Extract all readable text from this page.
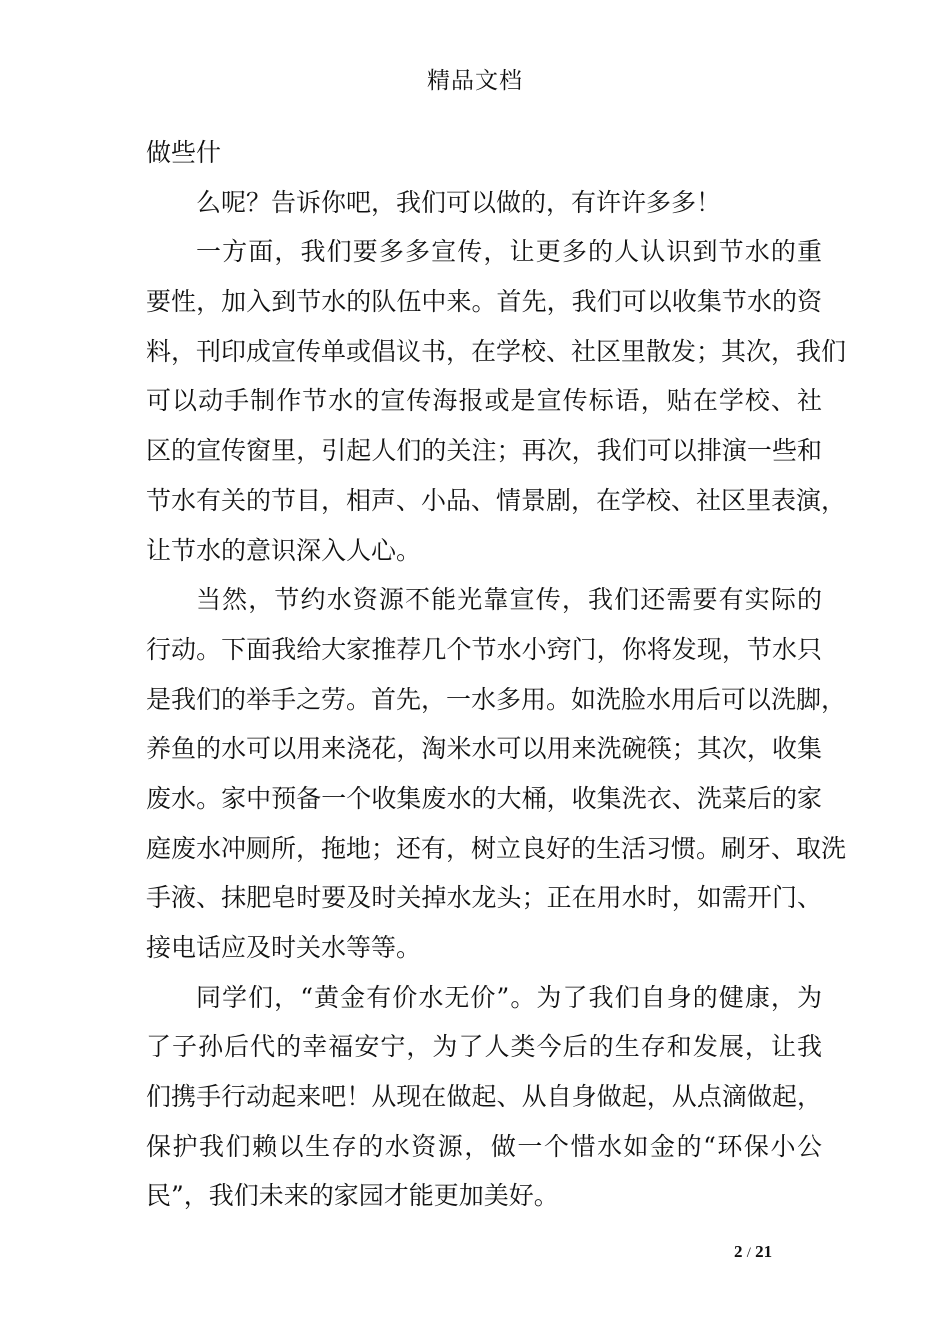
精品文档
做些什
么呢？告诉你吧，我们可以做的，有许许多多！
一方面，我们要多多宣传，让更多的人认识到节水的重
要性，加入到节水的队伍中来。首先，我们可以收集节水的资
料，刊印成宣传单或倡议书，在学校、社区里散发；其次，我们
可以动手制作节水的宣传海报或是宣传标语，贴在学校、社
区的宣传窗里，引起人们的关注；再次，我们可以排演一些和
节水有关的节目，相声、小品、情景剧，在学校、社区里表演，
让节水的意识深入人心。
当然，节约水资源不能光靠宣传，我们还需要有实际的
行动。下面我给大家推荐几个节水小窍门，你将发现，节水只
是我们的举手之劳。首先，一水多用。如洗脸水用后可以洗脚，
养鱼的水可以用来浇花，淘米水可以用来洗碗筷；其次，收集
废水。家中预备一个收集废水的大桶，收集洗衣、洗菜后的家
庭废水冲厕所，拖地；还有，树立良好的生活习惯。刷牙、取洗
手液、抹肥皂时要及时关掉水龙头；正在用水时，如需开门、
接电话应及时关水等等。
同学们，“黄金有价水无价”。为了我们自身的健康，为
了子孙后代的幸福安宁，为了人类今后的生存和发展，让我
们携手行动起来吧！从现在做起、从自身做起，从点滴做起，
保护我们赖以生存的水资源，做一个惜水如金的“环保小公
民”，我们未来的家园才能更加美好。
2 / 21
